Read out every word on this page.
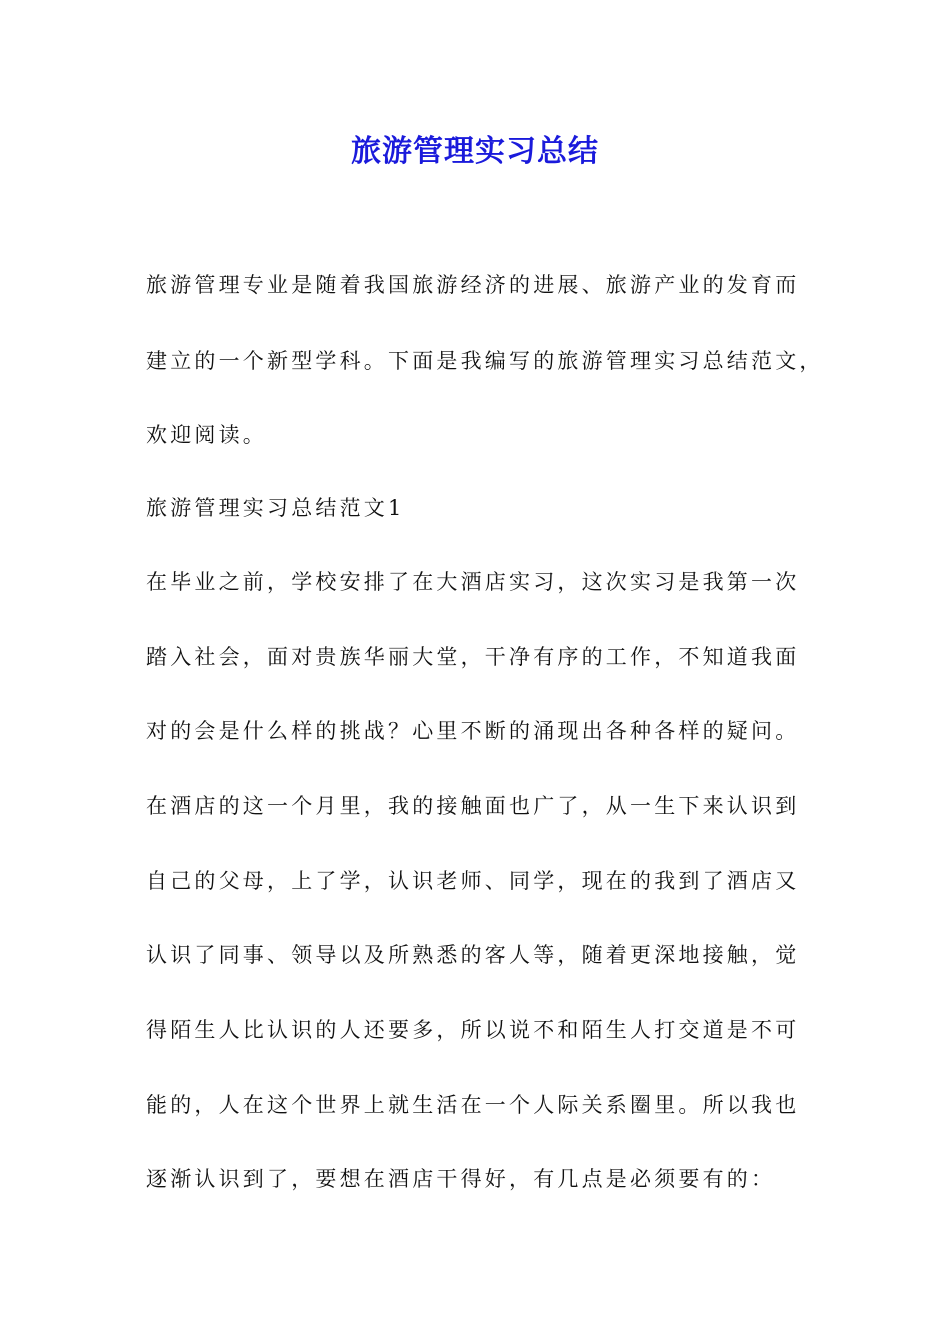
旅游管理实习总结
旅游管理专业是随着我国旅游经济的进展、旅游产业的发育而
建立的一个新型学科。下面是我编写的旅游管理实习总结范文，
欢迎阅读。
旅游管理实习总结范文1
在毕业之前，学校安排了在大酒店实习，这次实习是我第一次
踏入社会，面对贵族华丽大堂，干净有序的工作，不知道我面
对的会是什么样的挑战？心里不断的涌现出各种各样的疑问。
在酒店的这一个月里，我的接触面也广了，从一生下来认识到
自己的父母，上了学，认识老师、同学，现在的我到了酒店又
认识了同事、领导以及所熟悉的客人等，随着更深地接触，觉
得陌生人比认识的人还要多，所以说不和陌生人打交道是不可
能的，人在这个世界上就生活在一个人际关系圈里。所以我也
逐渐认识到了，要想在酒店干得好，有几点是必须要有的：
